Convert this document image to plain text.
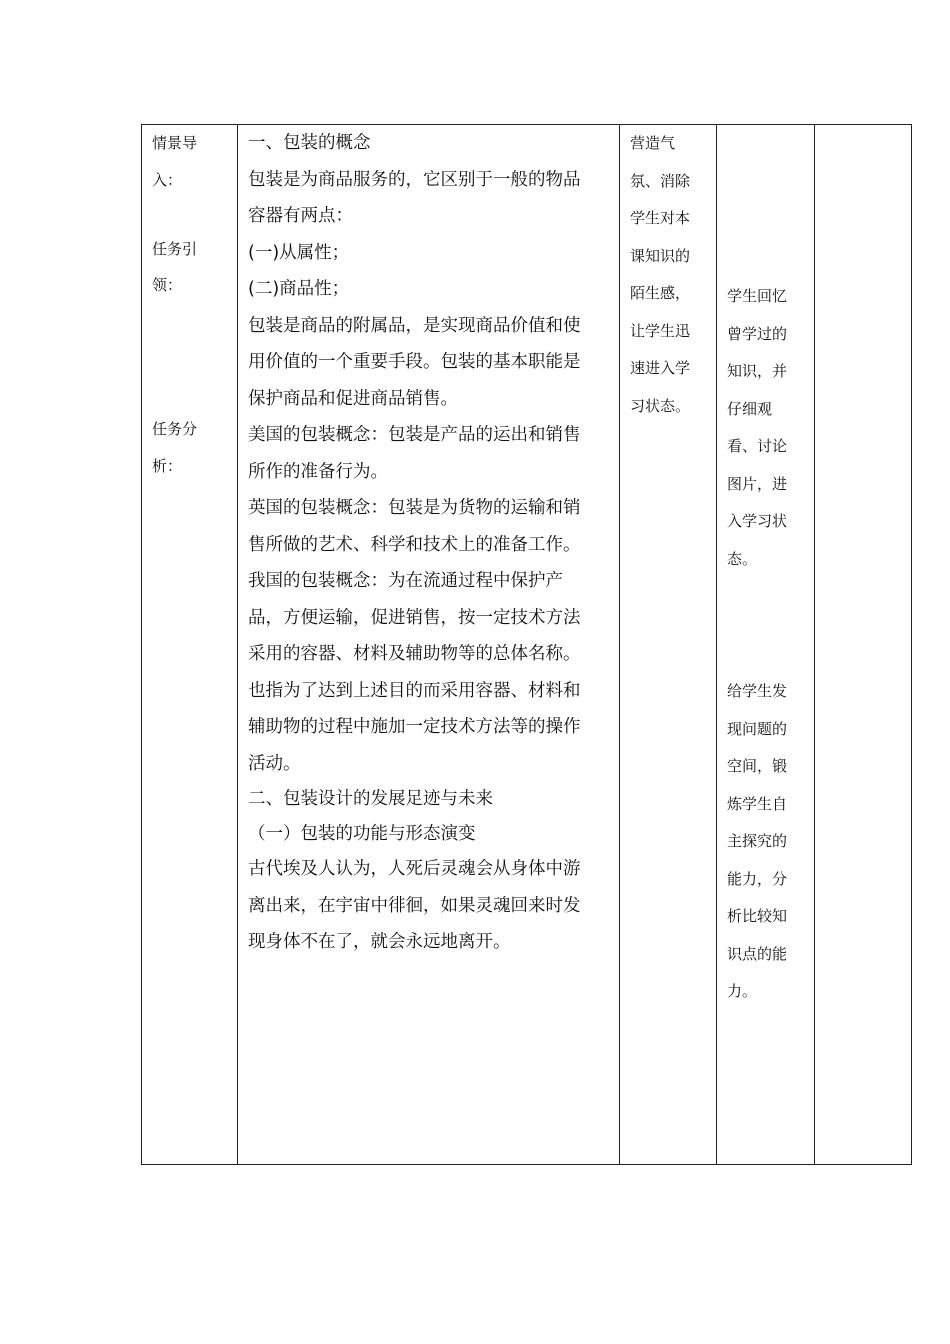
情景导

入：

任务引

领：

任务分

析：

一、包装的概念

包装是为商品服务的，它区别于一般的物品

容器有两点：

(一)从属性；

(二)商品性；

包装是商品的附属品，是实现商品价值和使

用价值的一个重要手段。包装的基本职能是

保护商品和促进商品销售。

美国的包装概念：包装是产品的运出和销售

所作的准备行为。

英国的包装概念：包装是为货物的运输和销

售所做的艺术、科学和技术上的准备工作。

我国的包装概念：为在流通过程中保护产

品，方便运输，促进销售，按一定技术方法

采用的容器、材料及辅助物等的总体名称。

也指为了达到上述目的而采用容器、材料和

辅助物的过程中施加一定技术方法等的操作

活动。

二、包装设计的发展足迹与未来

（一）包装的功能与形态演变

古代埃及人认为，人死后灵魂会从身体中游

离出来，在宇宙中徘徊，如果灵魂回来时发

现身体不在了，就会永远地离开。

营造气

氛、消除

学生对本

课知识的

陌生感，

让学生迅

速进入学

习状态。

学生回忆

曾学过的

知识，并

仔细观

看、讨论

图片，进

入学习状

态。

给学生发

现问题的

空间，锻

炼学生自

主探究的

能力，分

析比较知

识点的能

力。
